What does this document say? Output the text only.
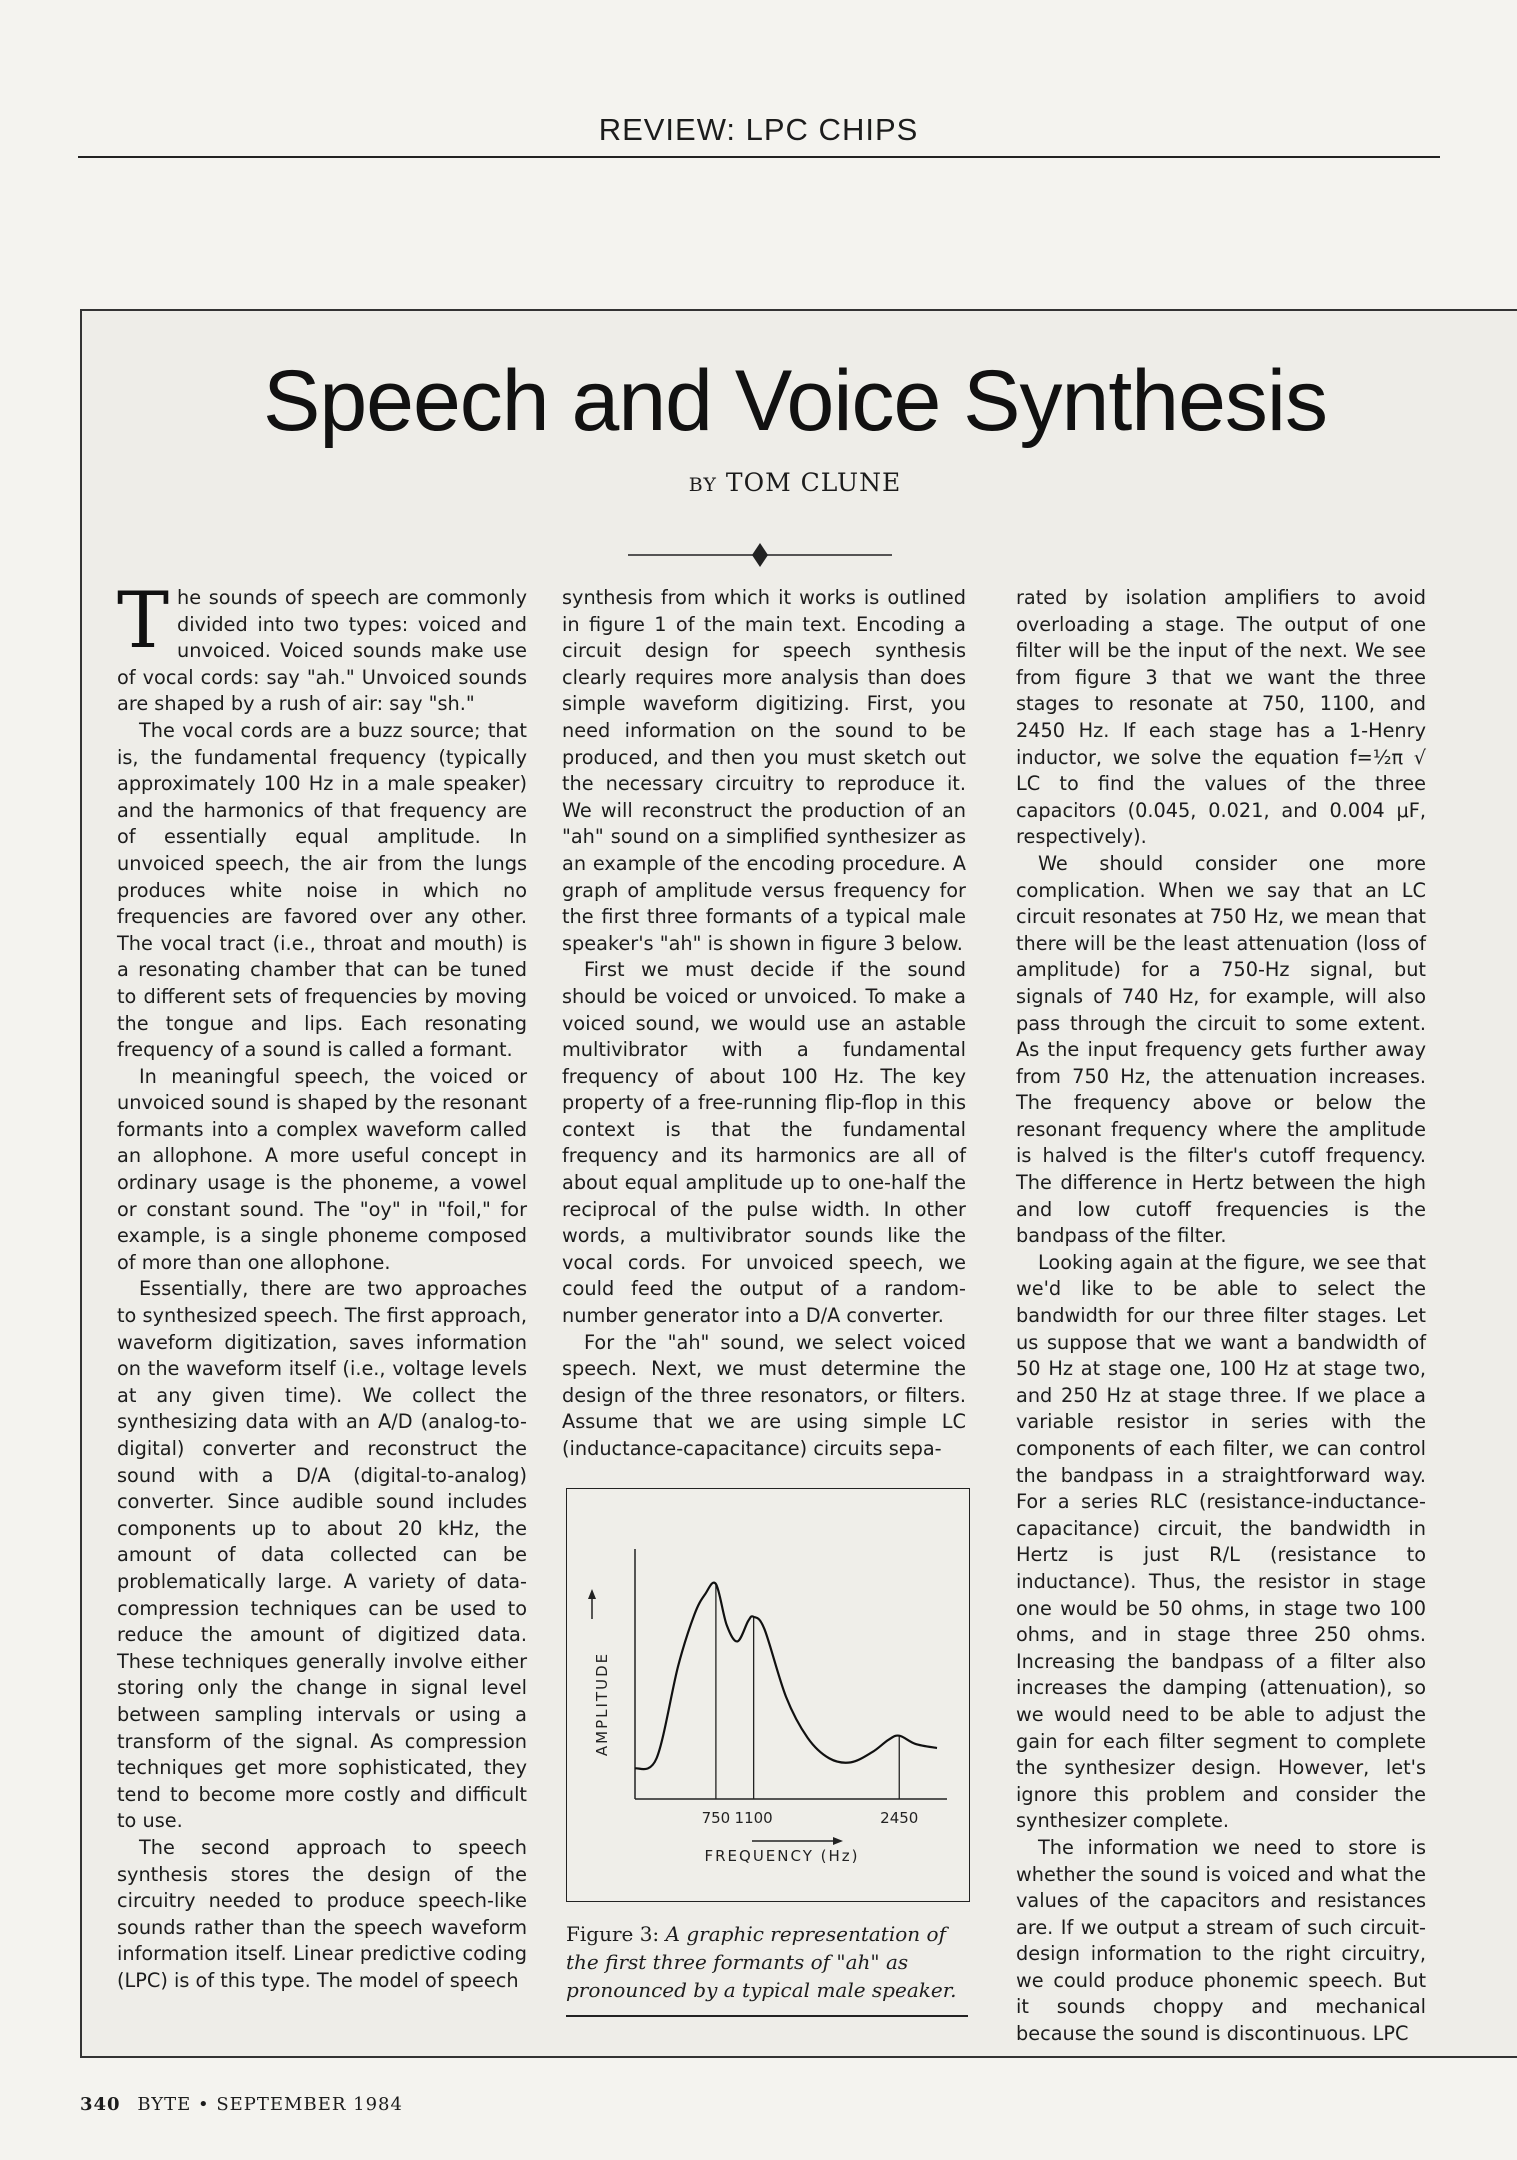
REVIEW: LPC CHIPS
Speech and Voice Synthesis
BY TOM CLUNE

The sounds of speech are commonly divided into two types: voiced and unvoiced. Voiced sounds make use of vocal cords: say "ah." Unvoiced sounds are shaped by a rush of air: say "sh."

The vocal cords are a buzz source; that is, the fundamental frequency (typically approximately 100 Hz in a male speaker) and the harmonics of that frequency are of essentially equal amplitude. In unvoiced speech, the air from the lungs produces white noise in which no frequencies are favored over any other. The vocal tract (i.e., throat and mouth) is a resonating chamber that can be tuned to different sets of frequencies by moving the tongue and lips. Each resonating frequency of a sound is called a formant.

In meaningful speech, the voiced or unvoiced sound is shaped by the resonant formants into a complex waveform called an allophone. A more useful concept in ordinary usage is the phoneme, a vowel or constant sound. The "oy" in "foil," for example, is a single phoneme composed of more than one allophone.

Essentially, there are two approaches to synthesized speech. The first approach, waveform digitization, saves information on the waveform itself (i.e., voltage levels at any given time). We collect the synthesizing data with an A/D (analog-to-digital) converter and reconstruct the sound with a D/A (digital-to-analog) converter. Since audible sound includes components up to about 20 kHz, the amount of data collected can be problematically large. A variety of data-compression techniques can be used to reduce the amount of digitized data. These techniques generally involve either storing only the change in signal level between sampling intervals or using a transform of the signal. As compression techniques get more sophisticated, they tend to become more costly and difficult to use.

The second approach to speech synthesis stores the design of the circuitry needed to produce speech-like sounds rather than the speech waveform information itself. Linear predictive coding (LPC) is of this type. The model of speech

synthesis from which it works is outlined in figure 1 of the main text. Encoding a circuit design for speech synthesis clearly requires more analysis than does simple waveform digitizing. First, you need information on the sound to be produced, and then you must sketch out the necessary circuitry to reproduce it. We will reconstruct the production of an "ah" sound on a simplified synthesizer as an example of the encoding procedure. A graph of amplitude versus frequency for the first three formants of a typical male speaker's "ah" is shown in figure 3 below.

First we must decide if the sound should be voiced or unvoiced. To make a voiced sound, we would use an astable multivibrator with a fundamental frequency of about 100 Hz. The key property of a free-running flip-flop in this context is that the fundamental frequency and its harmonics are all of about equal amplitude up to one-half the reciprocal of the pulse width. In other words, a multivibrator sounds like the vocal cords. For unvoiced speech, we could feed the output of a random-number generator into a D/A converter.

For the "ah" sound, we select voiced speech. Next, we must determine the design of the three resonators, or filters. Assume that we are using simple LC (inductance-capacitance) circuits sepa-

rated by isolation amplifiers to avoid overloading a stage. The output of one filter will be the input of the next. We see from figure 3 that we want the three stages to resonate at 750, 1100, and 2450 Hz. If each stage has a 1-Henry inductor, we solve the equation f=½π √ LC to find the values of the three capacitors (0.045, 0.021, and 0.004 μF, respectively).

We should consider one more complication. When we say that an LC circuit resonates at 750 Hz, we mean that there will be the least attenuation (loss of amplitude) for a 750-Hz signal, but signals of 740 Hz, for example, will also pass through the circuit to some extent. As the input frequency gets further away from 750 Hz, the attenuation increases. The frequency above or below the resonant frequency where the amplitude is halved is the filter's cutoff frequency. The difference in Hertz between the high and low cutoff frequencies is the bandpass of the filter.

Looking again at the figure, we see that we'd like to be able to select the bandwidth for our three filter stages. Let us suppose that we want a bandwidth of 50 Hz at stage one, 100 Hz at stage two, and 250 Hz at stage three. If we place a variable resistor in series with the components of each filter, we can control the bandpass in a straightforward way. For a series RLC (resistance-inductance-capacitance) circuit, the bandwidth in Hertz is just R/L (resistance to inductance). Thus, the resistor in stage one would be 50 ohms, in stage two 100 ohms, and in stage three 250 ohms. Increasing the bandpass of a filter also increases the damping (attenuation), so we would need to be able to adjust the gain for each filter segment to complete the synthesizer design. However, let's ignore this problem and consider the synthesizer complete.

The information we need to store is whether the sound is voiced and what the values of the capacitors and resistances are. If we output a stream of such circuit-design information to the right circuitry, we could produce phonemic speech. But it sounds choppy and mechanical because the sound is discontinuous. LPC

AMPLITUDE
FREQUENCY (Hz)
750 1100	2450
Figure 3: A graphic representation of the first three formants of "ah" as pronounced by a typical male speaker.
340 BYTE • SEPTEMBER 1984
